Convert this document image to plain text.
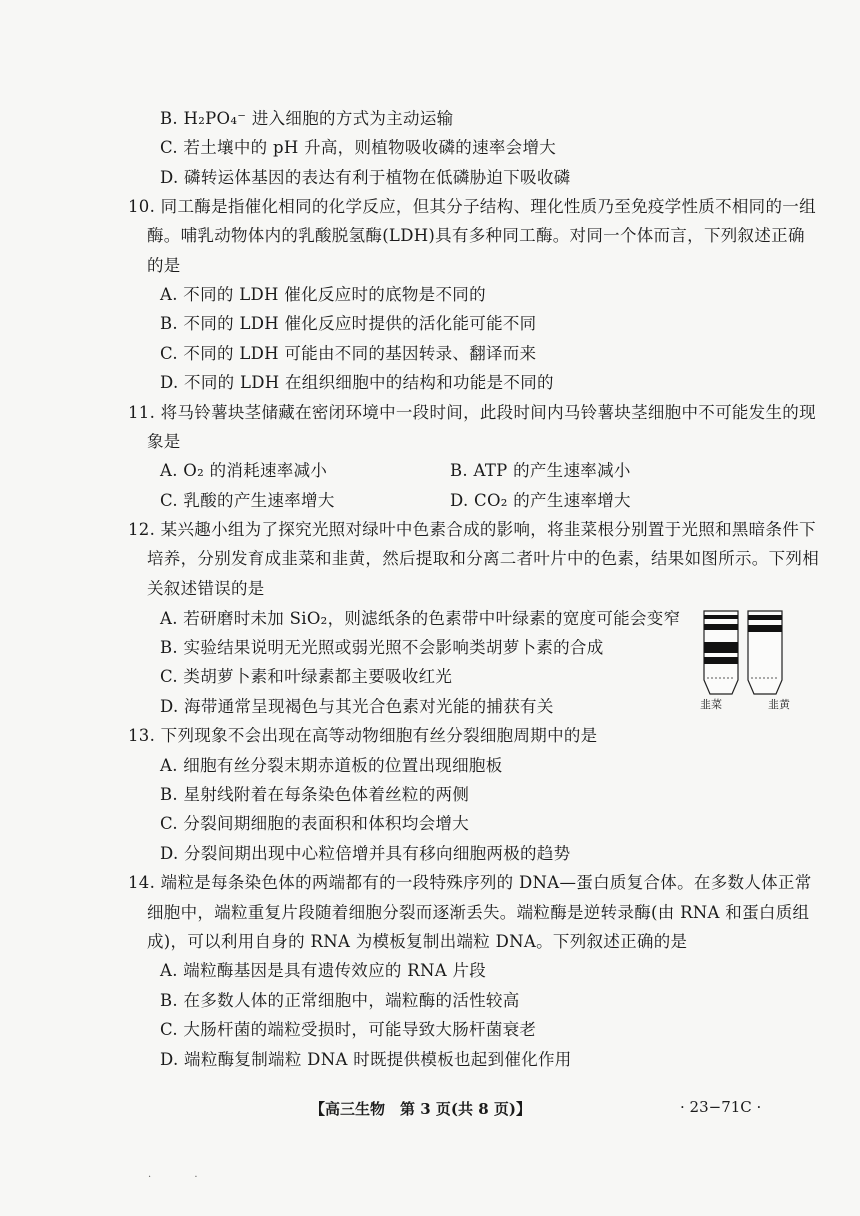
B. H₂PO₄⁻ 进入细胞的方式为主动运输
C. 若土壤中的 pH 升高，则植物吸收磷的速率会增大
D. 磷转运体基因的表达有利于植物在低磷胁迫下吸收磷
10. 同工酶是指催化相同的化学反应，但其分子结构、理化性质乃至免疫学性质不相同的一组
酶。哺乳动物体内的乳酸脱氢酶(LDH)具有多种同工酶。对同一个体而言，下列叙述正确
的是
A. 不同的 LDH 催化反应时的底物是不同的
B. 不同的 LDH 催化反应时提供的活化能可能不同
C. 不同的 LDH 可能由不同的基因转录、翻译而来
D. 不同的 LDH 在组织细胞中的结构和功能是不同的
11. 将马铃薯块茎储藏在密闭环境中一段时间，此段时间内马铃薯块茎细胞中不可能发生的现
象是
A. O₂ 的消耗速率减小	B. ATP 的产生速率减小
C. 乳酸的产生速率增大	D. CO₂ 的产生速率增大
12. 某兴趣小组为了探究光照对绿叶中色素合成的影响，将韭菜根分别置于光照和黑暗条件下
培养，分别发育成韭菜和韭黄，然后提取和分离二者叶片中的色素，结果如图所示。下列相
关叙述错误的是
A. 若研磨时未加 SiO₂，则滤纸条的色素带中叶绿素的宽度可能会变窄
B. 实验结果说明无光照或弱光照不会影响类胡萝卜素的合成
C. 类胡萝卜素和叶绿素都主要吸收红光
D. 海带通常呈现褐色与其光合色素对光能的捕获有关	韭菜	韭黄
13. 下列现象不会出现在高等动物细胞有丝分裂细胞周期中的是
A. 细胞有丝分裂末期赤道板的位置出现细胞板
B. 星射线附着在每条染色体着丝粒的两侧
C. 分裂间期细胞的表面积和体积均会增大
D. 分裂间期出现中心粒倍增并具有移向细胞两极的趋势
14. 端粒是每条染色体的两端都有的一段特殊序列的 DNA—蛋白质复合体。在多数人体正常
细胞中，端粒重复片段随着细胞分裂而逐渐丢失。端粒酶是逆转录酶(由 RNA 和蛋白质组
成)，可以利用自身的 RNA 为模板复制出端粒 DNA。下列叙述正确的是
A. 端粒酶基因是具有遗传效应的 RNA 片段
B. 在多数人体的正常细胞中，端粒酶的活性较高
C. 大肠杆菌的端粒受损时，可能导致大肠杆菌衰老
D. 端粒酶复制端粒 DNA 时既提供模板也起到催化作用
【高三生物　第 3 页(共 8 页)】	· 23−71C ·
· ·
